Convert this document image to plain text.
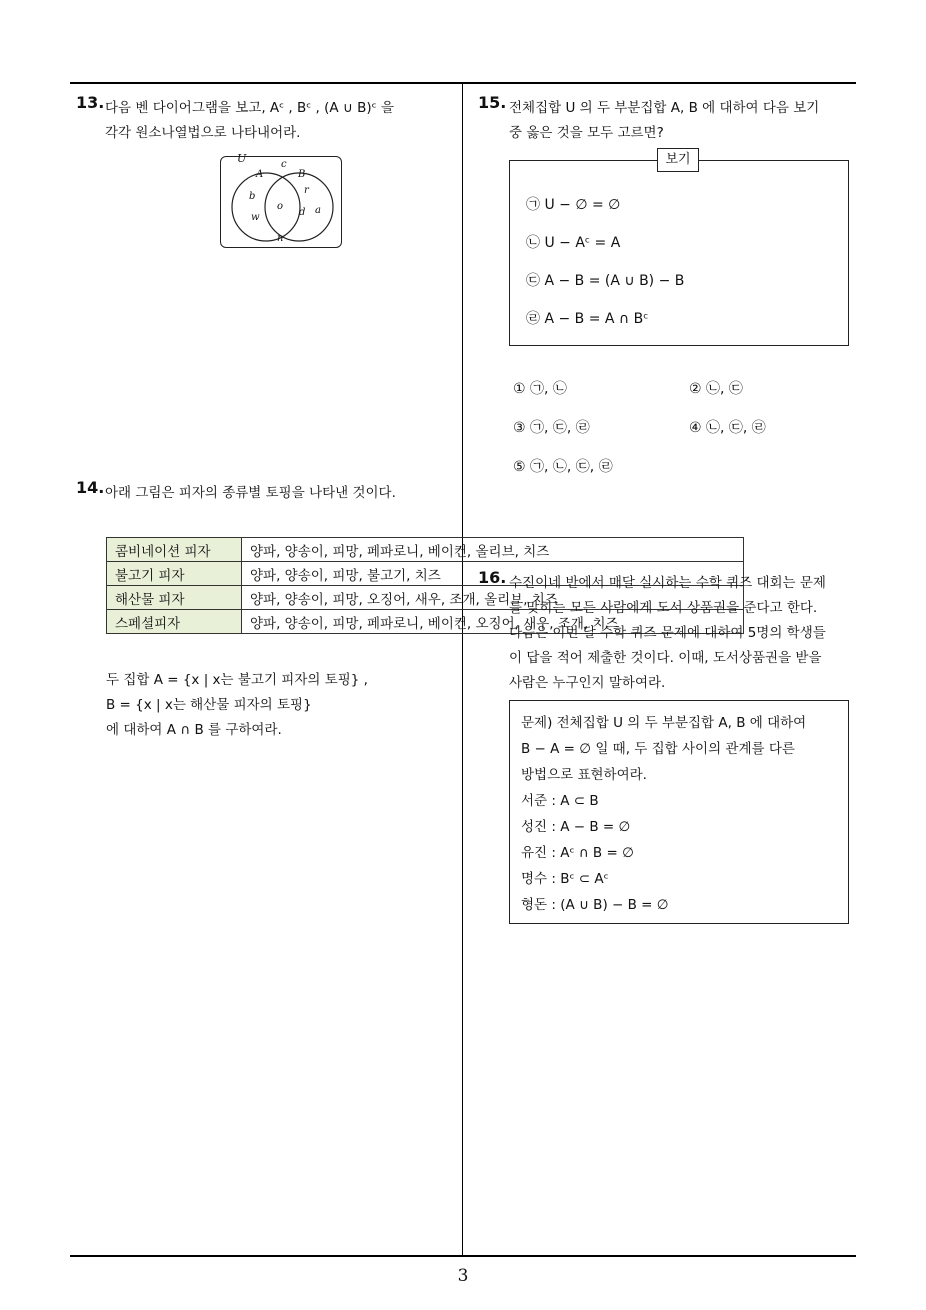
13. 다음 벤 다이어그램을 보고, Aᶜ , Bᶜ , (A ∪ B)ᶜ 을
각각 원소나열법으로 나타내어라.
U
A	B
c
b
w
o
r
d a
n
14. 아래 그림은 피자의 종류별 토핑을 나타낸 것이다.
콤비네이션 피자	양파, 양송이, 피망, 페파로니, 베이컨, 올리브, 치즈
불고기 피자	양파, 양송이, 피망, 불고기, 치즈
해산물 피자	양파, 양송이, 피망, 오징어, 새우, 조개, 올리브, 치즈
스페셜피자	양파, 양송이, 피망, 페파로니, 베이컨, 오징어, 새우, 조개, 치즈
두 집합 A = {x | x는 불고기 피자의 토핑} ,
B = {x | x는 해산물 피자의 토핑}
에 대하여 A ∩ B 를 구하여라.
15. 전체집합 U 의 두 부분집합 A, B 에 대하여 다음 보기
중 옳은 것을 모두 고르면?
보기
㉠ U − ∅ = ∅
㉡ U − Aᶜ = A
㉢ A − B = (A ∪ B) − B
㉣ A − B = A ∩ Bᶜ
① ㉠, ㉡	② ㉡, ㉢
③ ㉠, ㉢, ㉣	④ ㉡, ㉢, ㉣
⑤ ㉠, ㉡, ㉢, ㉣
16. 수진이네 반에서 매달 실시하는 수학 퀴즈 대회는 문제
를 맞히는 모든 사람에게 도서 상품권을 준다고 한다.
다음은 이번 달 수학 퀴즈 문제에 대하여 5명의 학생들
이 답을 적어 제출한 것이다. 이때, 도서상품권을 받을
사람은 누구인지 말하여라.
문제) 전체집합 U 의 두 부분집합 A, B 에 대하여
B − A = ∅ 일 때, 두 집합 사이의 관계를 다른
방법으로 표현하여라.
서준 : A ⊂ B
성진 : A − B = ∅
유진 : Aᶜ ∩ B = ∅
명수 : Bᶜ ⊂ Aᶜ
형돈 : (A ∪ B) − B = ∅
3
